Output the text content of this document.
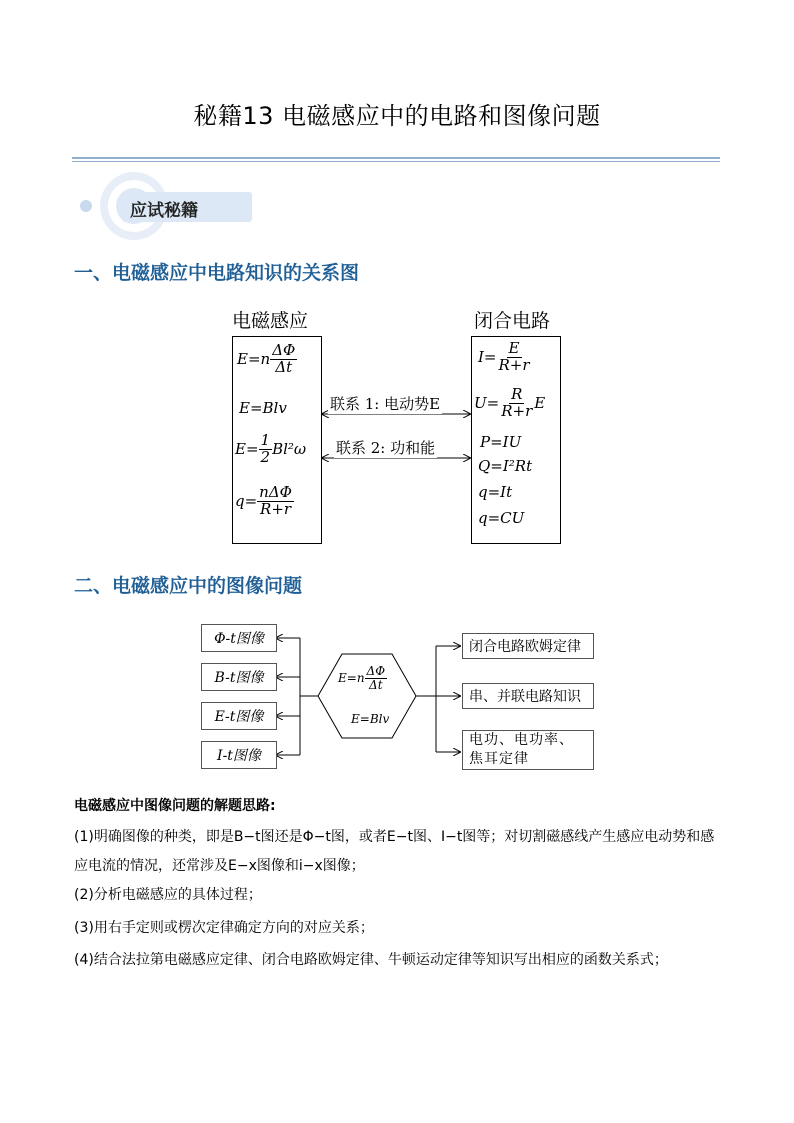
秘籍13 电磁感应中的电路和图像问题
应试秘籍
一、电磁感应中电路知识的关系图
电磁感应	闭合电路
$E=n \frac{\Delta\Phi}{\Delta t}$
E=Blv
$E= \frac{1}{2} Bl^2\omega$
$q= \frac{\text{nΔΦ}}{R+r}$
$I= \frac{E}{R+r}$
$U= \frac{R}{R+r}$ E
P=IU
Q=I²Rt
q=It
q=CU
联系 1: 电动势E
联系 2: 功和能
二、电磁感应中的图像问题
Φ-t图像
B-t图像
E-t图像
I-t图像
$E=n \frac{\Delta\Phi}{\Delta t}$
E=Blv
闭合电路欧姆定律
串、并联电路知识
电功、电功率、焦耳定律
电磁感应中图像问题的解题思路:
(1)明确图像的种类，即是B−t图还是Φ−t图，或者E−t图、I−t图等；对切割磁感线产生感应电动势和感应电流的情况，还常涉及E−x图像和i−x图像；
(2)分析电磁感应的具体过程；
(3)用右手定则或楞次定律确定方向的对应关系；
(4)结合法拉第电磁感应定律、闭合电路欧姆定律、牛顿运动定律等知识写出相应的函数关系式；
